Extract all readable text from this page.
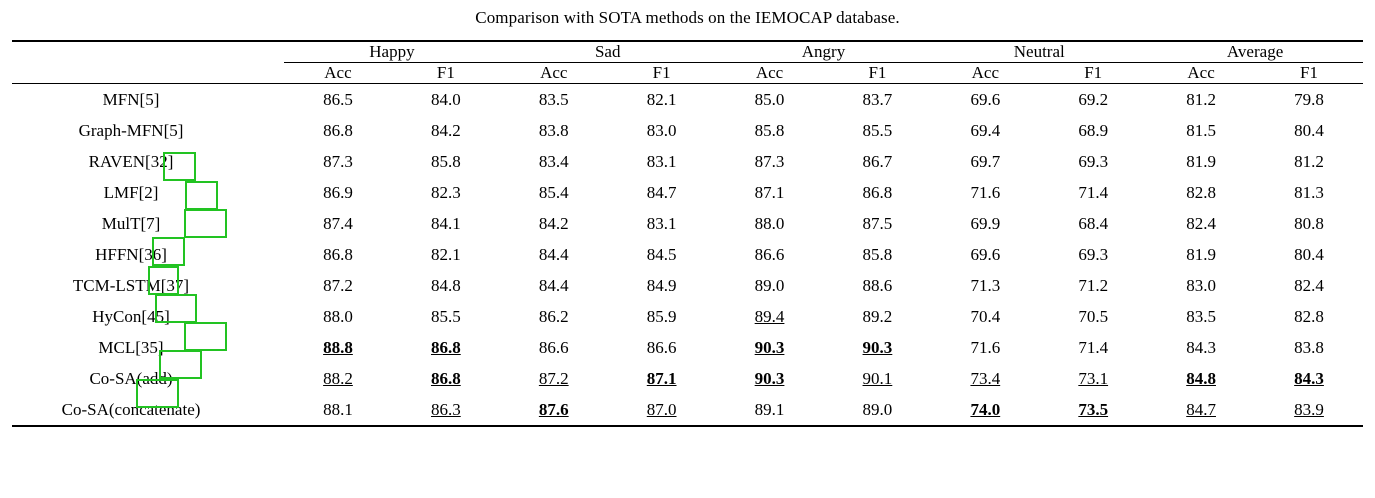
Comparison with SOTA methods on the IEMOCAP database.

	Happy		Sad		Angry		Neutral		Average	
	Acc	F1	Acc	F1	Acc	F1	Acc	F1	Acc	F1

MFN[5]	86.5	84.0	83.5	82.1	85.0	83.7	69.6	69.2	81.2	79.8
Graph-MFN[5]	86.8	84.2	83.8	83.0	85.8	85.5	69.4	68.9	81.5	80.4
RAVEN[32]	87.3	85.8	83.4	83.1	87.3	86.7	69.7	69.3	81.9	81.2
LMF[2]	86.9	82.3	85.4	84.7	87.1	86.8	71.6	71.4	82.8	81.3
MulT[7]	87.4	84.1	84.2	83.1	88.0	87.5	69.9	68.4	82.4	80.8
HFFN[36]	86.8	82.1	84.4	84.5	86.6	85.8	69.6	69.3	81.9	80.4
TCM-LSTM[37]	87.2	84.8	84.4	84.9	89.0	88.6	71.3	71.2	83.0	82.4
HyCon[45]	88.0	85.5	86.2	85.9	89.4	89.2	70.4	70.5	83.5	82.8
MCL[35]	88.8	86.8	86.6	86.6	90.3	90.3	71.6	71.4	84.3	83.8
Co-SA(add)	88.2	86.8	87.2	87.1	90.3	90.1	73.4	73.1	84.8	84.3
Co-SA(concatenate)	88.1	86.3	87.6	87.0	89.1	89.0	74.0	73.5	84.7	83.9
